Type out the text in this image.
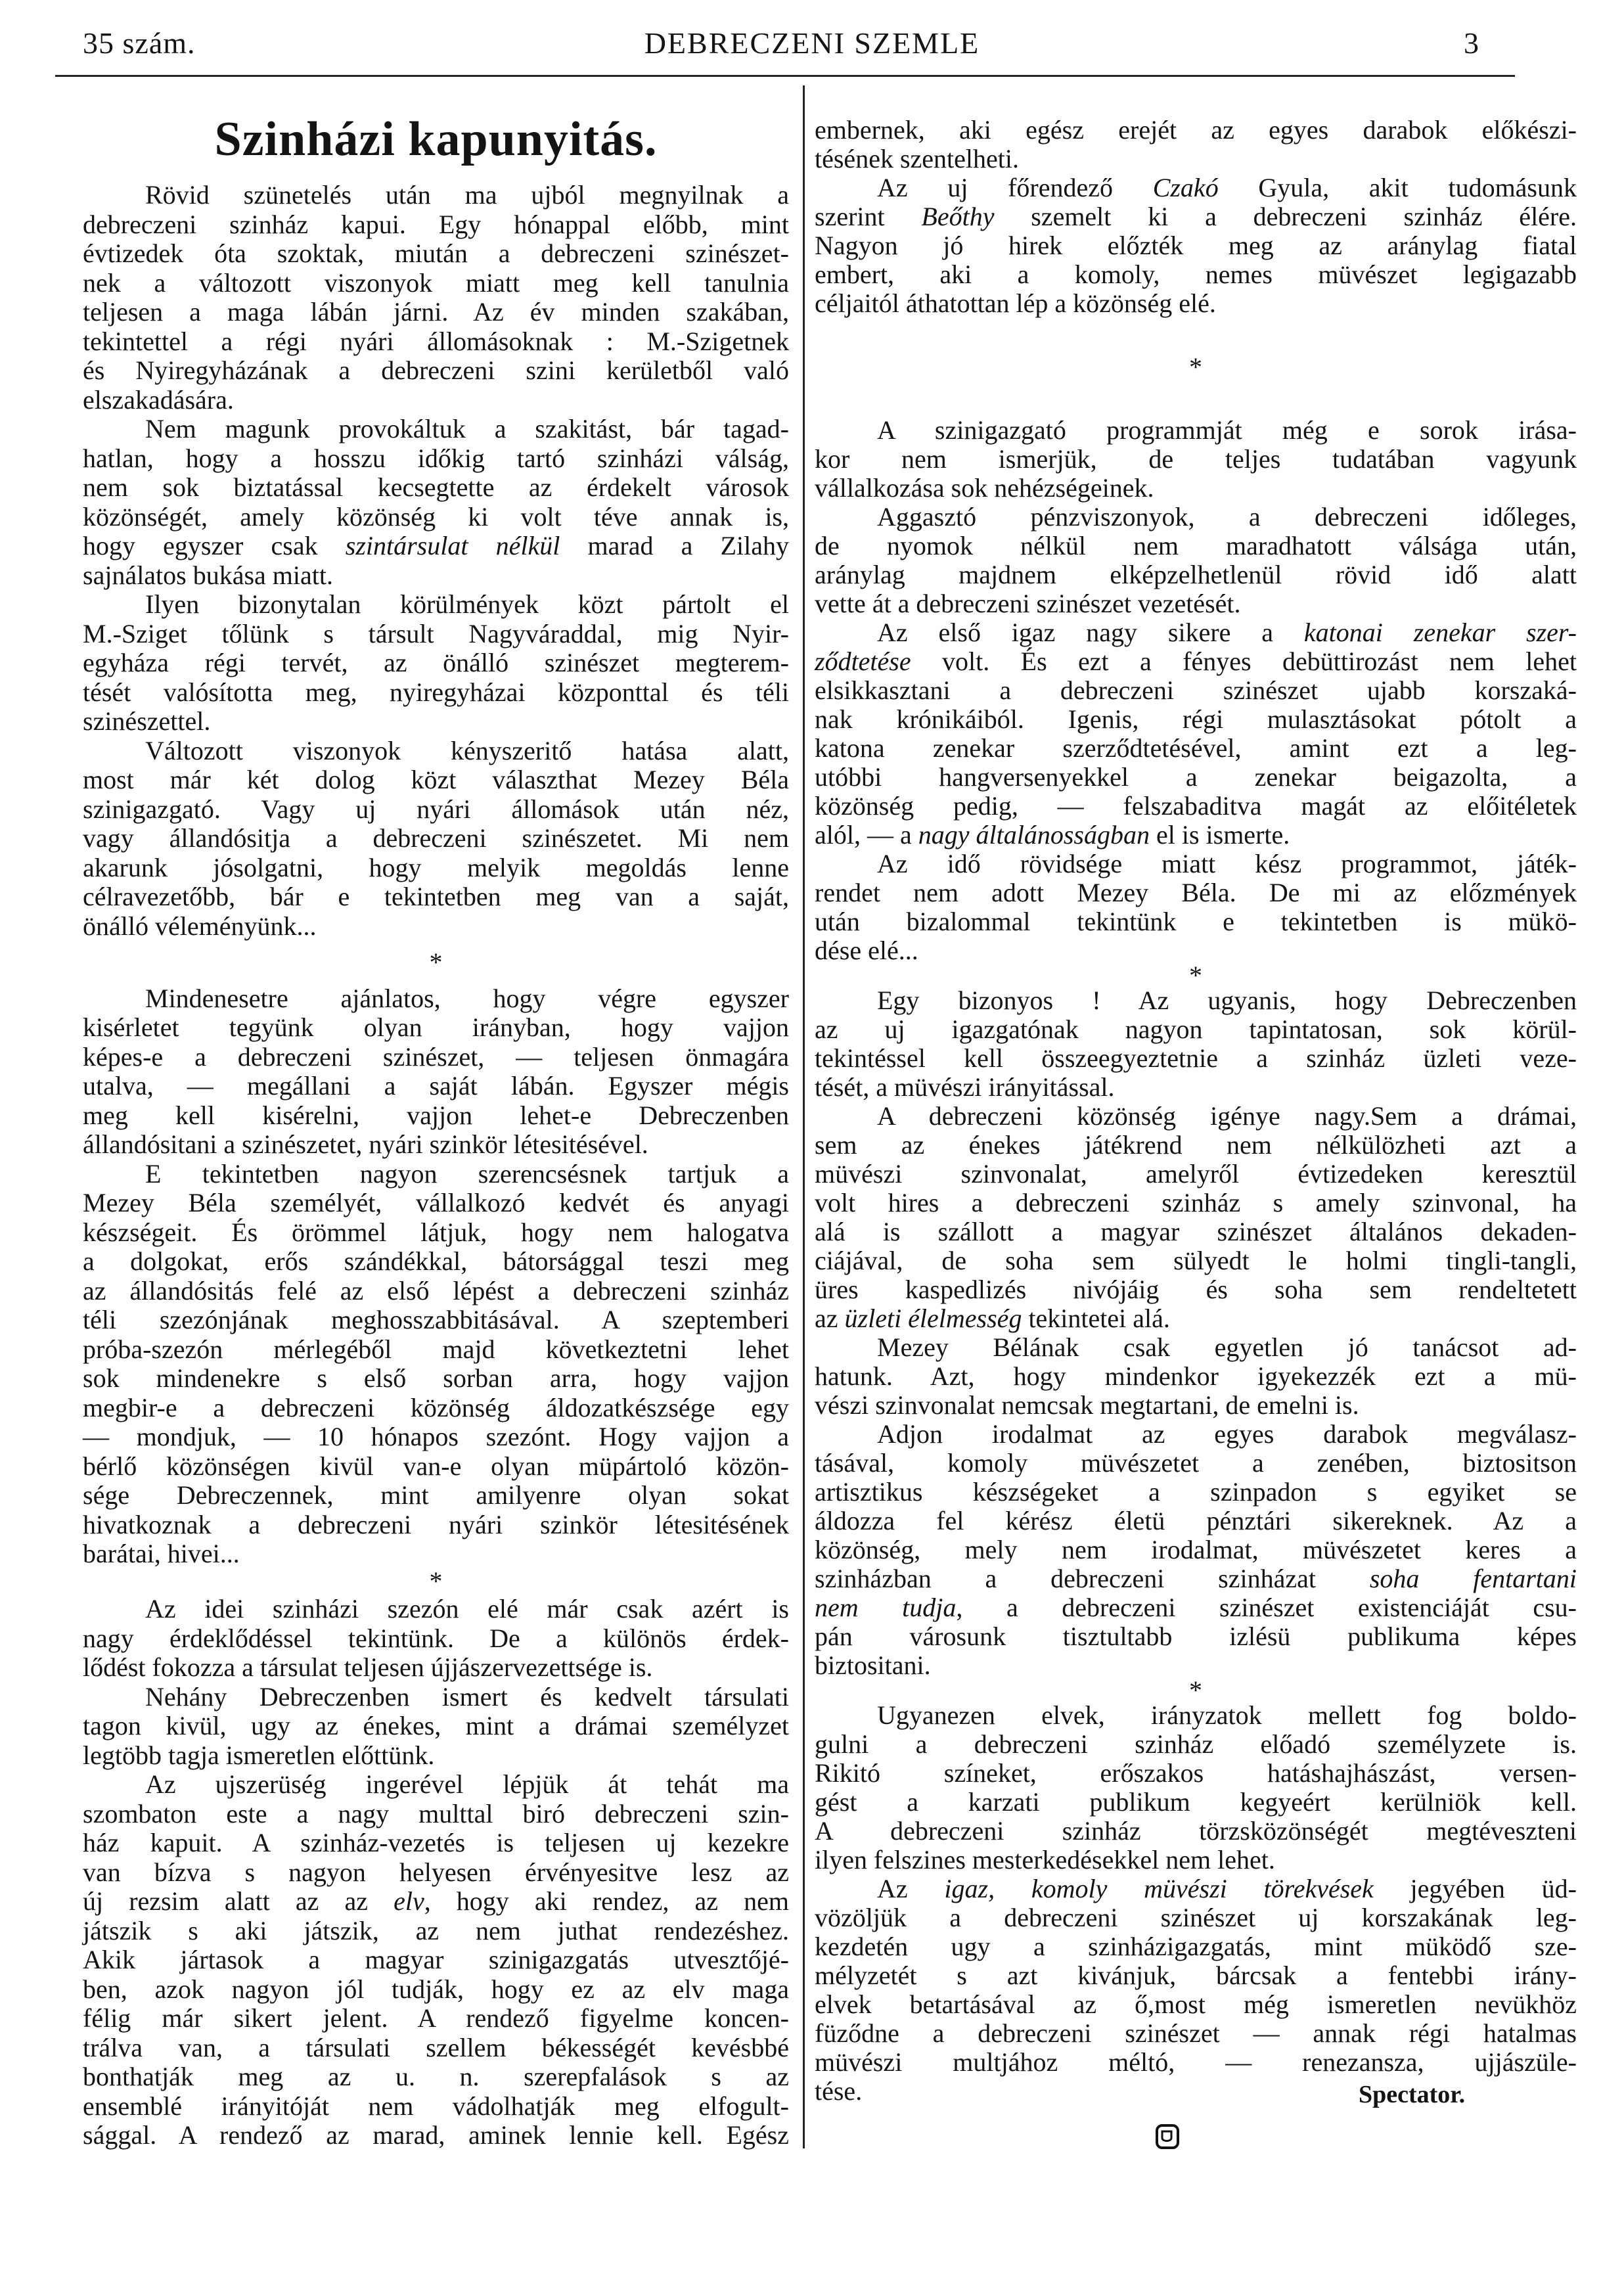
35 szám.	DEBRECZENI SZEMLE	3
Szinházi kapunyitás.
Rövid szünetelés után ma ujból megnyilnak a
debreczeni szinház kapui. Egy hónappal előbb, mint
évtizedek óta szoktak, miután a debreczeni szinészet-
nek a változott viszonyok miatt meg kell tanulnia
teljesen a maga lábán járni. Az év minden szakában,
tekintettel a régi nyári állomásoknak : M.-Szigetnek
és Nyiregyházának a debreczeni szini kerületből való
elszakadására.
Nem magunk provokáltuk a szakitást, bár tagad-
hatlan, hogy a hosszu időkig tartó szinházi válság,
nem sok biztatással kecsegtette az érdekelt városok
közönségét, amely közönség ki volt téve annak is,
hogy egyszer csak szintársulat nélkül marad a Zilahy
sajnálatos bukása miatt.
Ilyen bizonytalan körülmények közt pártolt el
M.-Sziget tőlünk s társult Nagyváraddal, mig Nyir-
egyháza régi tervét, az önálló szinészet megterem-
tését valósította meg, nyiregyházai központtal és téli
szinészettel.
Változott viszonyok kényszeritő hatása alatt,
most már két dolog közt választhat Mezey Béla
szinigazgató. Vagy uj nyári állomások után néz,
vagy állandósitja a debreczeni szinészetet. Mi nem
akarunk jósolgatni, hogy melyik megoldás lenne
célravezetőbb, bár e tekintetben meg van a saját,
önálló véleményünk...
*
Mindenesetre ajánlatos, hogy végre egyszer
kisérletet tegyünk olyan irányban, hogy vajjon
képes-e a debreczeni szinészet, — teljesen önmagára
utalva, — megállani a saját lábán. Egyszer mégis
meg kell kisérelni, vajjon lehet-e Debreczenben
állandósitani a szinészetet, nyári szinkör létesitésével.
E tekintetben nagyon szerencsésnek tartjuk a
Mezey Béla személyét, vállalkozó kedvét és anyagi
készségeit. És örömmel látjuk, hogy nem halogatva
a dolgokat, erős szándékkal, bátorsággal teszi meg
az állandósitás felé az első lépést a debreczeni szinház
téli szezónjának meghosszabbitásával. A szeptemberi
próba-szezón mérlegéből majd következtetni lehet
sok mindenekre s első sorban arra, hogy vajjon
megbir-e a debreczeni közönség áldozatkészsége egy
— mondjuk, — 10 hónapos szezónt. Hogy vajjon a
bérlő közönségen kivül van-e olyan müpártoló közön-
sége Debreczennek, mint amilyenre olyan sokat
hivatkoznak a debreczeni nyári szinkör létesitésének
barátai, hivei...
*
Az idei szinházi szezón elé már csak azért is
nagy érdeklődéssel tekintünk. De a különös érdek-
lődést fokozza a társulat teljesen újjászervezettsége is.
Nehány Debreczenben ismert és kedvelt társulati
tagon kivül, ugy az énekes, mint a drámai személyzet
legtöbb tagja ismeretlen előttünk.
Az ujszerüség ingerével lépjük át tehát ma
szombaton este a nagy multtal biró debreczeni szin-
ház kapuit. A szinház-vezetés is teljesen uj kezekre
van bízva s nagyon helyesen érvényesitve lesz az
új rezsim alatt az az elv, hogy aki rendez, az nem
játszik s aki játszik, az nem juthat rendezéshez.
Akik jártasok a magyar szinigazgatás utvesztőjé-
ben, azok nagyon jól tudják, hogy ez az elv maga
félig már sikert jelent. A rendező figyelme koncen-
trálva van, a társulati szellem békességét kevésbbé
bonthatják meg az u. n. szerepfalások s az
ensemblé irányitóját nem vádolhatják meg elfogult-
sággal. A rendező az marad, aminek lennie kell. Egész
embernek, aki egész erejét az egyes darabok előkészi-
tésének szentelheti.
Az uj főrendező Czakó Gyula, akit tudomásunk
szerint Beőthy szemelt ki a debreczeni szinház élére.
Nagyon jó hirek előzték meg az aránylag fiatal
embert, aki a komoly, nemes müvészet legigazabb
céljaitól áthatottan lép a közönség elé.
*
A szinigazgató programmját még e sorok irása-
kor nem ismerjük, de teljes tudatában vagyunk
vállalkozása sok nehézségeinek.
Aggasztó pénzviszonyok, a debreczeni időleges,
de nyomok nélkül nem maradhatott válsága után,
aránylag majdnem elképzelhetlenül rövid idő alatt
vette át a debreczeni szinészet vezetését.
Az első igaz nagy sikere a katonai zenekar szer-
ződtetése volt. És ezt a fényes debüttirozást nem lehet
elsikkasztani a debreczeni szinészet ujabb korszaká-
nak krónikáiból. Igenis, régi mulasztásokat pótolt a
katona zenekar szerződtetésével, amint ezt a leg-
utóbbi hangversenyekkel a zenekar beigazolta, a
közönség pedig, — felszabaditva magát az előitéletek
alól, — a nagy általánosságban el is ismerte.
Az idő rövidsége miatt kész programmot, játék-
rendet nem adott Mezey Béla. De mi az előzmények
után bizalommal tekintünk e tekintetben is mükö-
dése elé...
*
Egy bizonyos ! Az ugyanis, hogy Debreczenben
az uj igazgatónak nagyon tapintatosan, sok körül-
tekintéssel kell összeegyeztetnie a szinház üzleti veze-
tését, a müvészi irányitással.
A debreczeni közönség igénye nagy.Sem a drámai,
sem az énekes játékrend nem nélkülözheti azt a
müvészi szinvonalat, amelyről évtizedeken keresztül
volt hires a debreczeni szinház s amely szinvonal, ha
alá is szállott a magyar szinészet általános dekaden-
ciájával, de soha sem sülyedt le holmi tingli-tangli,
üres kaspedlizés nivójáig és soha sem rendeltetett
az üzleti élelmesség tekintetei alá.
Mezey Bélának csak egyetlen jó tanácsot ad-
hatunk. Azt, hogy mindenkor igyekezzék ezt a mü-
vészi szinvonalat nemcsak megtartani, de emelni is.
Adjon irodalmat az egyes darabok megválasz-
tásával, komoly müvészetet a zenében, biztositson
artisztikus készségeket a szinpadon s egyiket se
áldozza fel kérész életü pénztári sikereknek. Az a
közönség, mely nem irodalmat, müvészetet keres a
szinházban a debreczeni szinházat soha fentartani
nem tudja, a debreczeni szinészet existenciáját csu-
pán városunk tisztultabb izlésü publikuma képes
biztositani.
*
Ugyanezen elvek, irányzatok mellett fog boldo-
gulni a debreczeni szinház előadó személyzete is.
Rikitó színeket, erőszakos hatáshajhászást, versen-
gést a karzati publikum kegyeért kerülniök kell.
A debreczeni szinház törzsközönségét megtéveszteni
ilyen felszines mesterkedésekkel nem lehet.
Az igaz, komoly müvészi törekvések jegyében üd-
vözöljük a debreczeni szinészet uj korszakának leg-
kezdetén ugy a szinházigazgatás, mint müködő sze-
mélyzetét s azt kivánjuk, bárcsak a fentebbi irány-
elvek betartásával az ő,most még ismeretlen nevükhöz
füződne a debreczeni szinészet — annak régi hatalmas
müvészi multjához méltó, — renezansza, ujjászüle-
tése.	Spectator.
